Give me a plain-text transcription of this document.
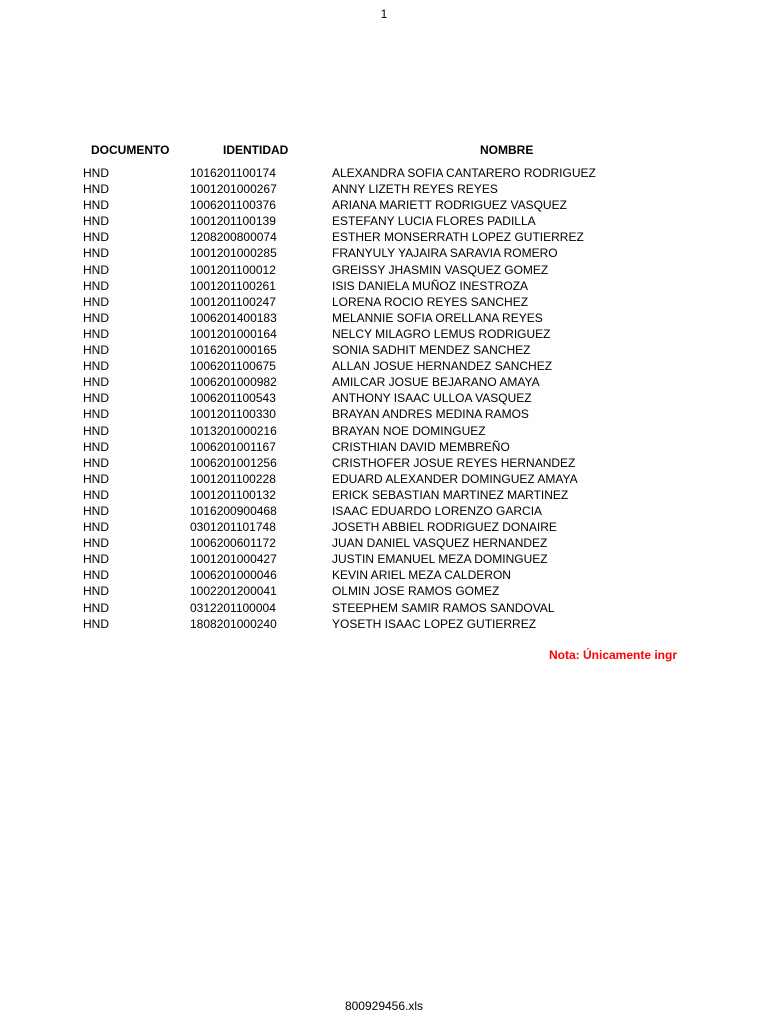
1
DOCUMENTO	IDENTIDAD	NOMBRE
HND	1016201100174	ALEXANDRA SOFIA CANTARERO RODRIGUEZ
HND	1001201000267	ANNY LIZETH REYES REYES
HND	1006201100376	ARIANA MARIETT RODRIGUEZ VASQUEZ
HND	1001201100139	ESTEFANY LUCIA FLORES PADILLA
HND	1208200800074	ESTHER MONSERRATH LOPEZ GUTIERREZ
HND	1001201000285	FRANYULY YAJAIRA SARAVIA ROMERO
HND	1001201100012	GREISSY JHASMIN VASQUEZ GOMEZ
HND	1001201100261	ISIS DANIELA MUÑOZ INESTROZA
HND	1001201100247	LORENA ROCIO REYES SANCHEZ
HND	1006201400183	MELANNIE SOFIA ORELLANA REYES
HND	1001201000164	NELCY MILAGRO LEMUS RODRIGUEZ
HND	1016201000165	SONIA SADHIT MENDEZ SANCHEZ
HND	1006201100675	ALLAN JOSUE HERNANDEZ SANCHEZ
HND	1006201000982	AMILCAR JOSUE BEJARANO AMAYA
HND	1006201100543	ANTHONY ISAAC ULLOA VASQUEZ
HND	1001201100330	BRAYAN ANDRES MEDINA RAMOS
HND	1013201000216	BRAYAN NOE DOMINGUEZ
HND	1006201001167	CRISTHIAN DAVID MEMBREÑO
HND	1006201001256	CRISTHOFER JOSUE REYES HERNANDEZ
HND	1001201100228	EDUARD ALEXANDER DOMINGUEZ AMAYA
HND	1001201100132	ERICK SEBASTIAN MARTINEZ MARTINEZ
HND	1016200900468	ISAAC EDUARDO LORENZO GARCIA
HND	0301201101748	JOSETH ABBIEL RODRIGUEZ DONAIRE
HND	1006200601172	JUAN DANIEL VASQUEZ HERNANDEZ
HND	1001201000427	JUSTIN EMANUEL MEZA DOMINGUEZ
HND	1006201000046	KEVIN ARIEL MEZA CALDERON
HND	1002201200041	OLMIN JOSE RAMOS GOMEZ
HND	0312201100004	STEEPHEM SAMIR RAMOS SANDOVAL
HND	1808201000240	YOSETH ISAAC LOPEZ GUTIERREZ
Nota: Únicamente ingr
800929456.xls
